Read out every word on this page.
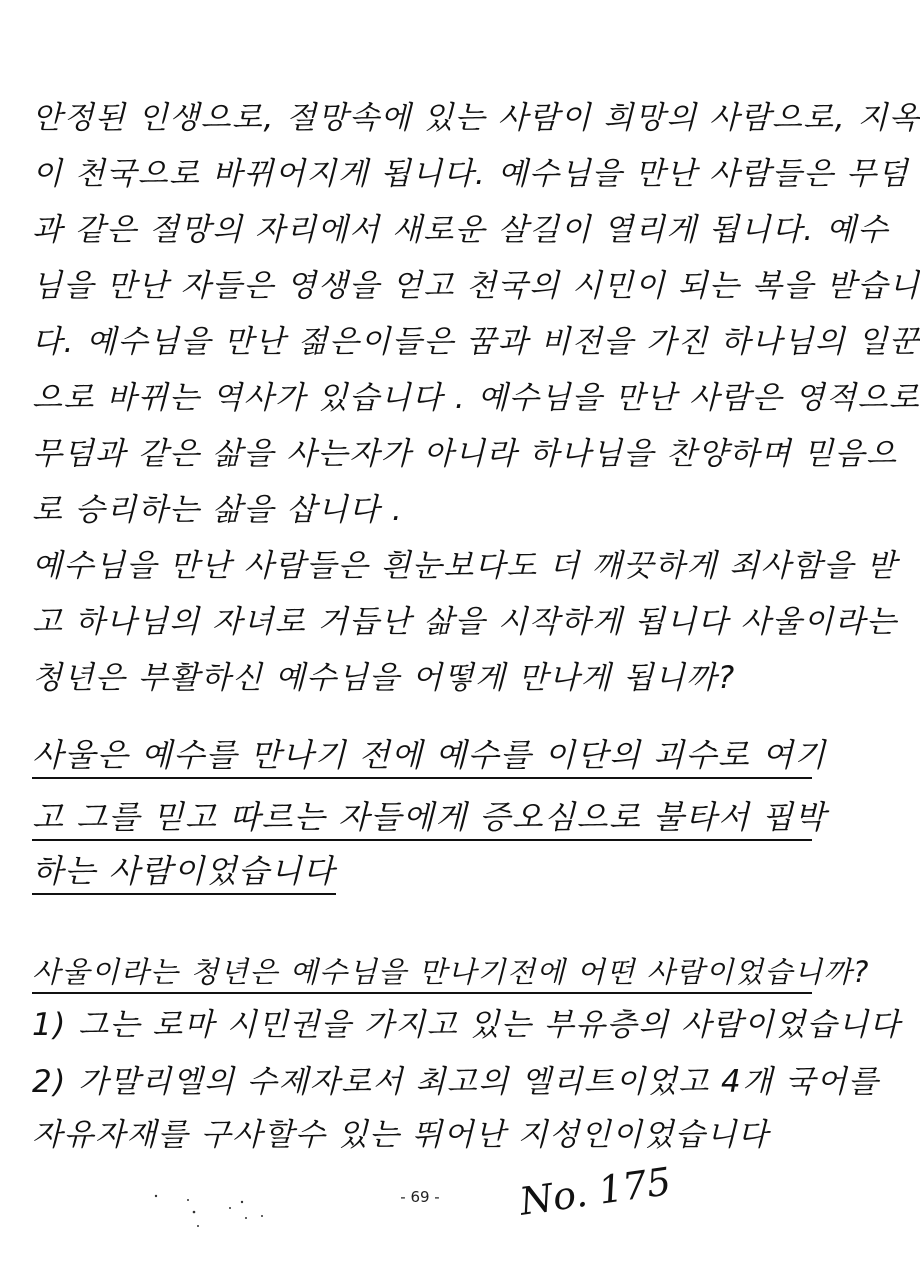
안정된 인생으로, 절망속에 있는 사람이 희망의 사람으로, 지옥
이 천국으로 바뀌어지게 됩니다. 예수님을 만난 사람들은 무덤
과 같은 절망의 자리에서 새로운 살길이 열리게 됩니다. 예수
님을 만난 자들은 영생을 얻고 천국의 시민이 되는 복을 받습니
다. 예수님을 만난 젊은이들은 꿈과 비전을 가진 하나님의 일꾼
으로 바뀌는 역사가 있습니다 . 예수님을 만난 사람은 영적으로
무덤과 같은 삶을 사는자가 아니라 하나님을 찬양하며 믿음으
로 승리하는 삶을 삽니다 .
예수님을 만난 사람들은 흰눈보다도 더 깨끗하게 죄사함을 받
고 하나님의 자녀로 거듭난 삶을 시작하게 됩니다 사울이라는
청년은 부활하신 예수님을 어떻게 만나게 됩니까?
사울은 예수를 만나기 전에 예수를 이단의 괴수로 여기
고 그를 믿고 따르는 자들에게 증오심으로 불타서 핍박
하는 사람이었습니다
사울이라는 청년은 예수님을 만나기전에 어떤 사람이었습니까?
1) 그는 로마 시민권을 가지고 있는 부유층의 사람이었습니다
2) 가말리엘의 수제자로서 최고의 엘리트이었고 4개 국어를
자유자재를 구사할수 있는 뛰어난 지성인이었습니다
- 69 -	No. 175
